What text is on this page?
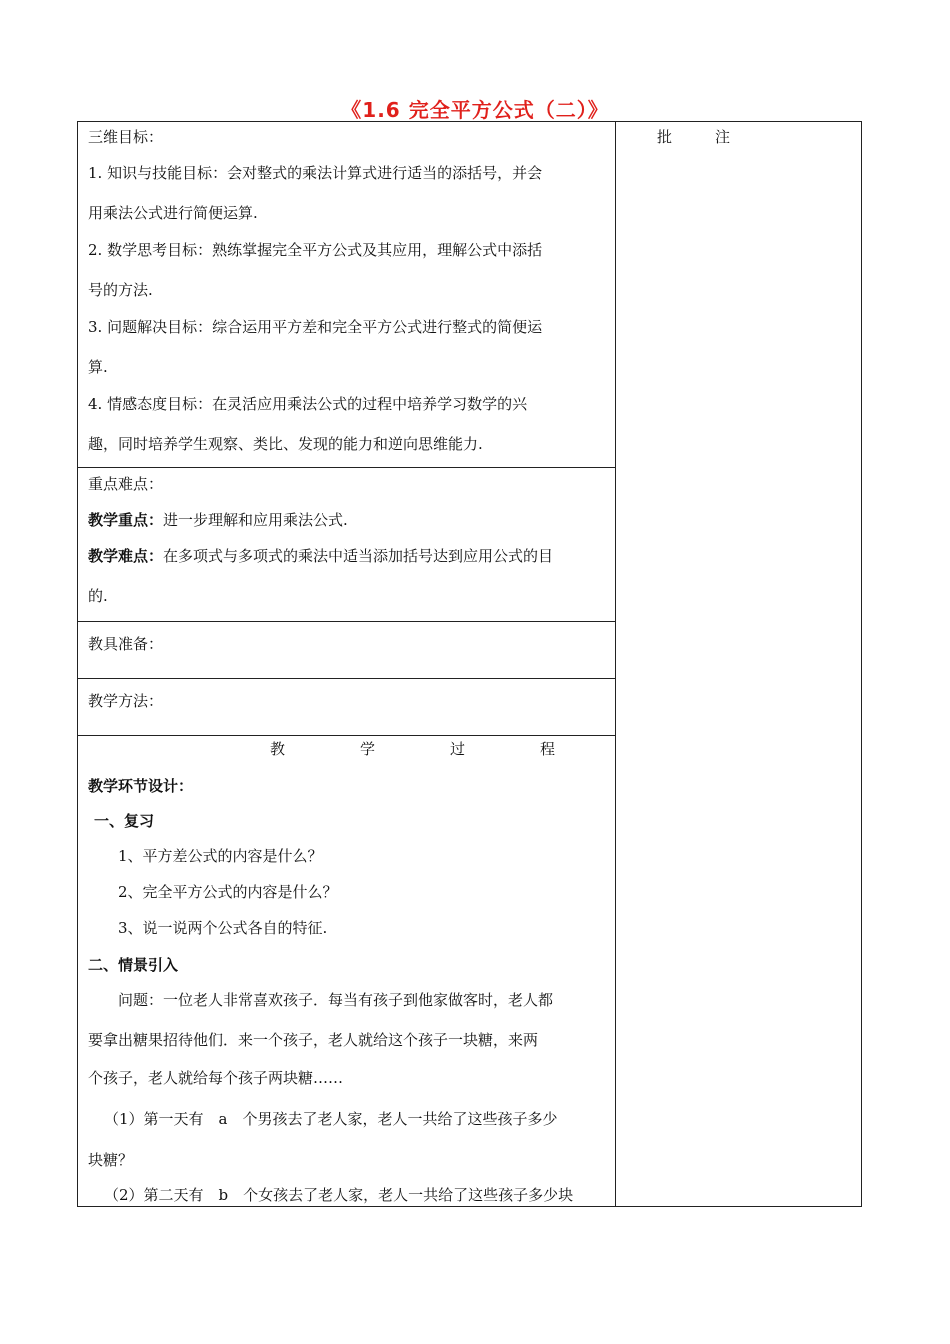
《1.6 完全平方公式（二）》
批　注
三维目标：
1. 知识与技能目标：会对整式的乘法计算式进行适当的添括号，并会
用乘法公式进行简便运算.
2. 数学思考目标：熟练掌握完全平方公式及其应用，理解公式中添括
号的方法.
3. 问题解决目标：综合运用平方差和完全平方公式进行整式的简便运
算.
4. 情感态度目标：在灵活应用乘法公式的过程中培养学习数学的兴
趣，同时培养学生观察、类比、发现的能力和逆向思维能力.
重点难点：
教学重点：进一步理解和应用乘法公式.
教学难点：在多项式与多项式的乘法中适当添加括号达到应用公式的目
的.
教具准备：
教学方法：
教　学　过　程
教学环节设计：
一、复习
1、平方差公式的内容是什么？
2、完全平方公式的内容是什么？
3、说一说两个公式各自的特征.
二、情景引入
问题：一位老人非常喜欢孩子．每当有孩子到他家做客时，老人都
要拿出糖果招待他们．来一个孩子，老人就给这个孩子一块糖，来两
个孩子，老人就给每个孩子两块糖……
（1）第一天有　a　个男孩去了老人家，老人一共给了这些孩子多少
块糖？
（2）第二天有　b　个女孩去了老人家，老人一共给了这些孩子多少块
